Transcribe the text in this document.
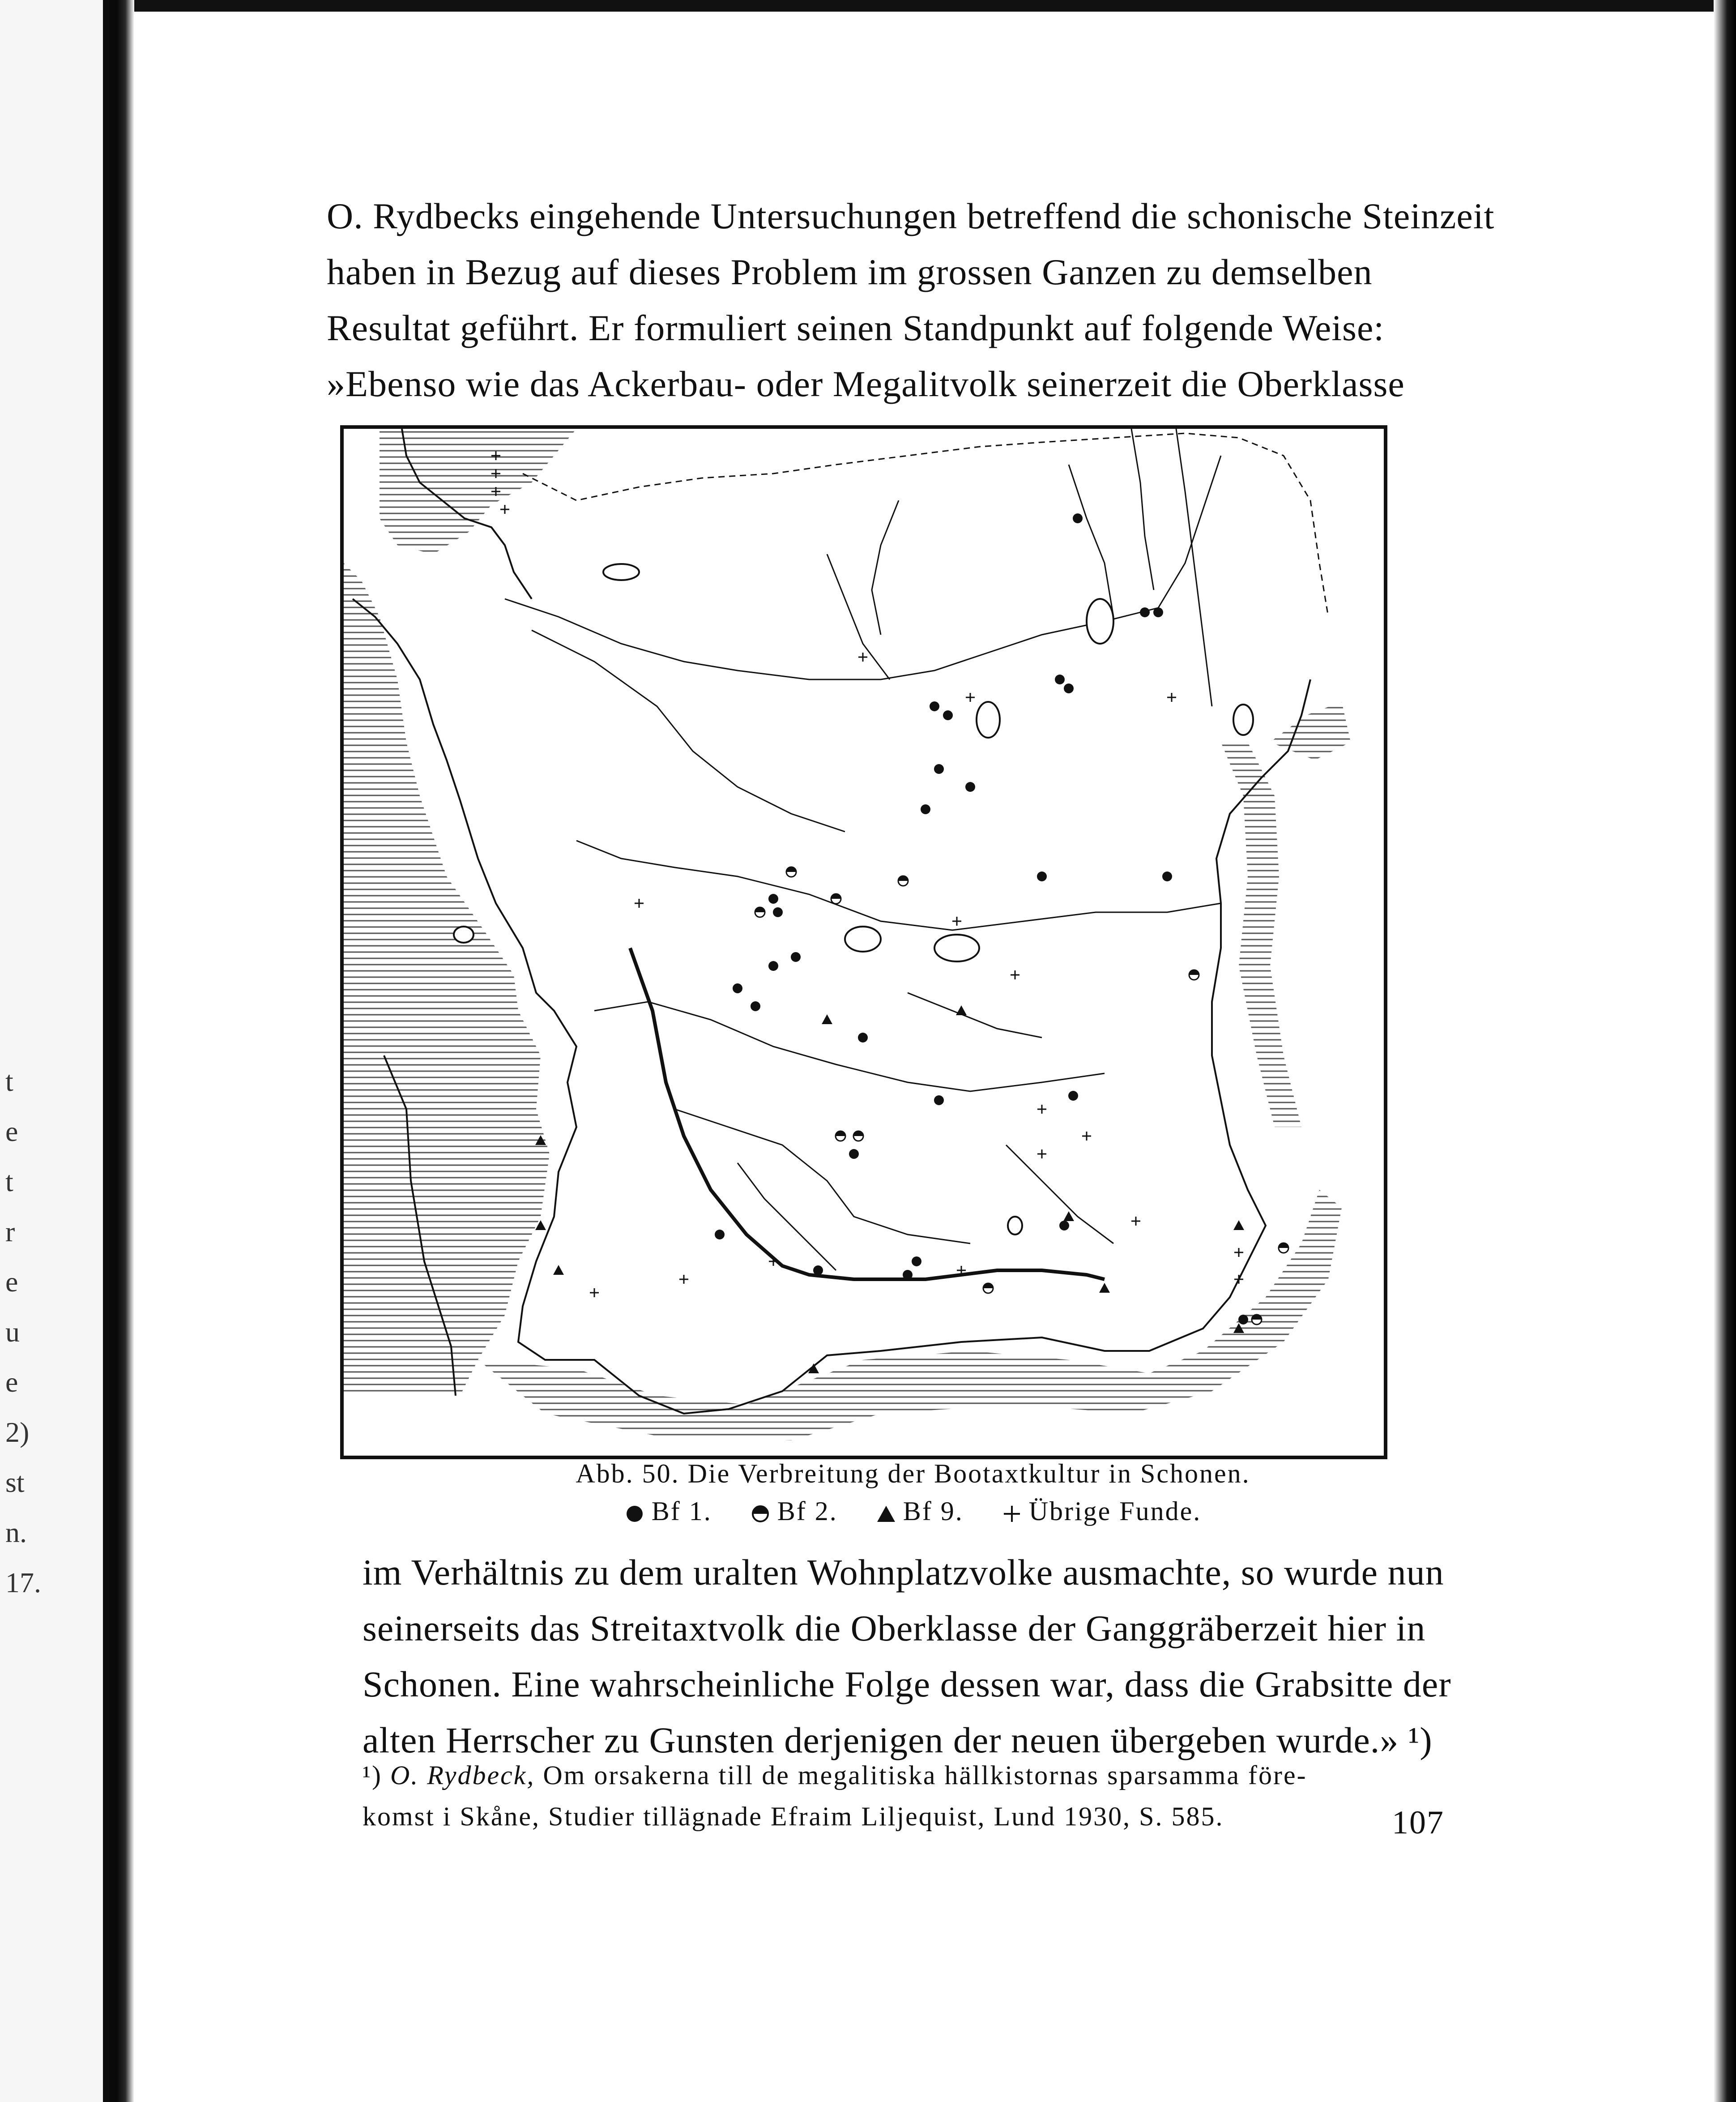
t
e
t
r
e
u
e
2)
st
n.
17.
O. Rydbecks eingehende Untersuchungen betreffend die schonische Steinzeit
haben in Bezug auf dieses Problem im grossen Ganzen zu demselben
Resultat geführt. Er formuliert seinen Standpunkt auf folgende Weise:
»Ebenso wie das Ackerbau- oder Megalitvolk seinerzeit die Oberklasse
Abb. 50. Die Verbreitung der Bootaxtkultur in Schonen.
Bf 1. Bf 2. Bf 9. Übrige Funde.
im Verhältnis zu dem uralten Wohnplatzvolke ausmachte, so wurde nun
seinerseits das Streitaxtvolk die Oberklasse der Ganggräberzeit hier in
Schonen. Eine wahrscheinliche Folge dessen war, dass die Grabsitte der
alten Herrscher zu Gunsten derjenigen der neuen übergeben wurde.» ¹)
¹) O. Rydbeck, Om orsakerna till de megalitiska hällkistornas sparsamma före-
komst i Skåne, Studier tillägnade Efraim Liljequist, Lund 1930, S. 585.	107
